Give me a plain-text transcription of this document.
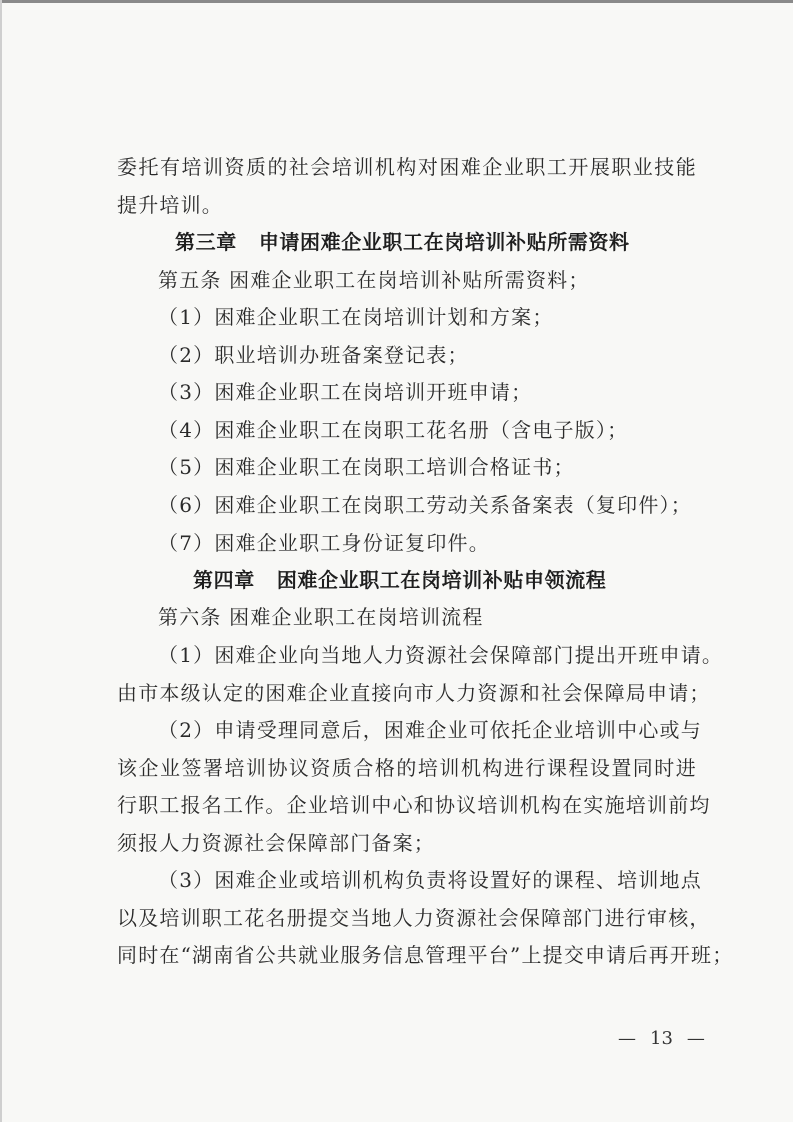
委托有培训资质的社会培训机构对困难企业职工开展职业技能
提升培训。
第三章 申请困难企业职工在岗培训补贴所需资料
第五条 困难企业职工在岗培训补贴所需资料；
（1）困难企业职工在岗培训计划和方案；
（2）职业培训办班备案登记表；
（3）困难企业职工在岗培训开班申请；
（4）困难企业职工在岗职工花名册（含电子版）；
（5）困难企业职工在岗职工培训合格证书；
（6）困难企业职工在岗职工劳动关系备案表（复印件）；
（7）困难企业职工身份证复印件。
第四章 困难企业职工在岗培训补贴申领流程
第六条 困难企业职工在岗培训流程
（1）困难企业向当地人力资源社会保障部门提出开班申请。
由市本级认定的困难企业直接向市人力资源和社会保障局申请；
（2）申请受理同意后，困难企业可依托企业培训中心或与
该企业签署培训协议资质合格的培训机构进行课程设置同时进
行职工报名工作。企业培训中心和协议培训机构在实施培训前均
须报人力资源社会保障部门备案；
（3）困难企业或培训机构负责将设置好的课程、培训地点
以及培训职工花名册提交当地人力资源社会保障部门进行审核，
同时在“湖南省公共就业服务信息管理平台”上提交申请后再开班；
— 13 —
